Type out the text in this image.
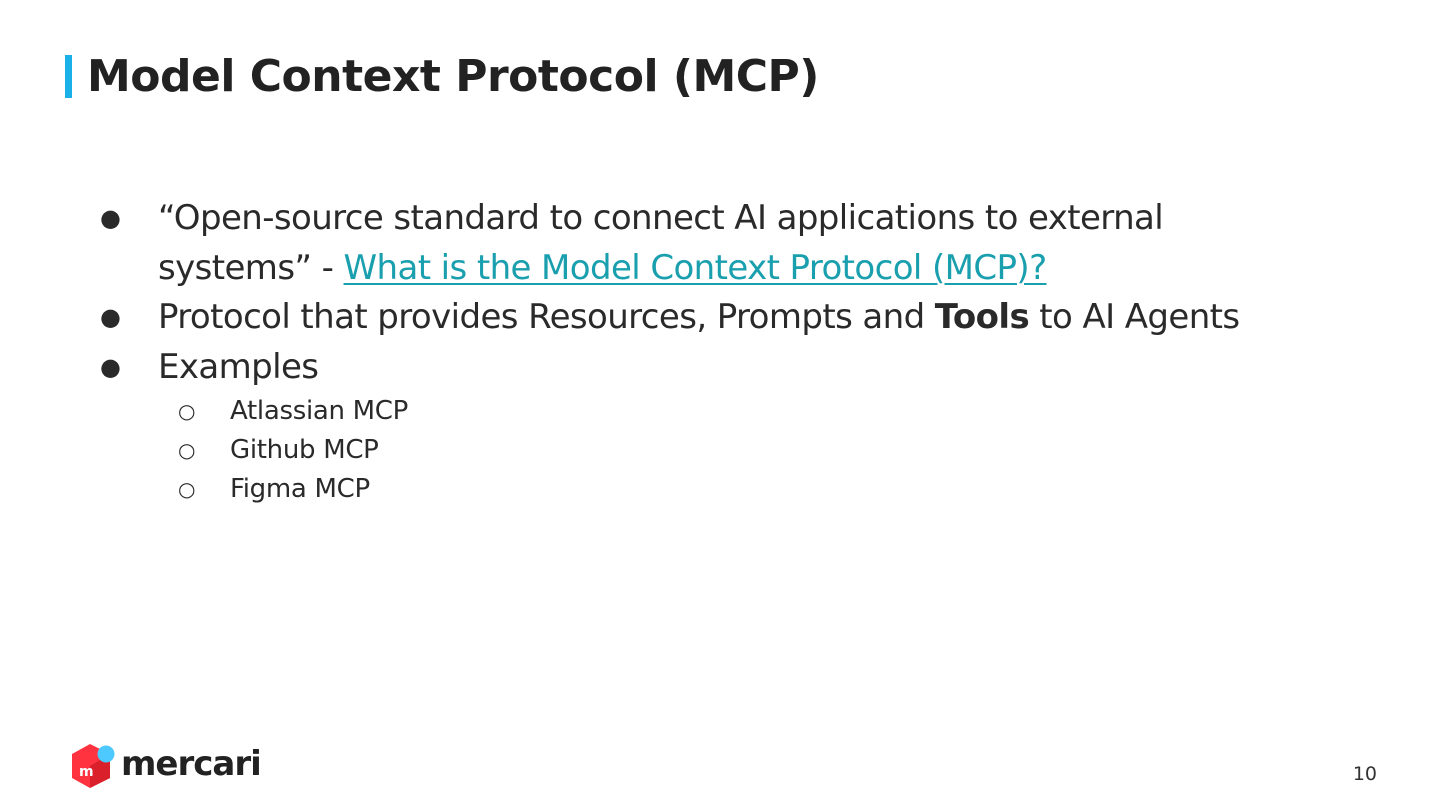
Model Context Protocol (MCP)
● “Open-source standard to connect AI applications to external
systems” - What is the Model Context Protocol (MCP)?
● Protocol that provides Resources, Prompts and Tools to AI Agents
● Examples
○ Atlassian MCP
○ Github MCP
○ Figma MCP
m mercari	10
